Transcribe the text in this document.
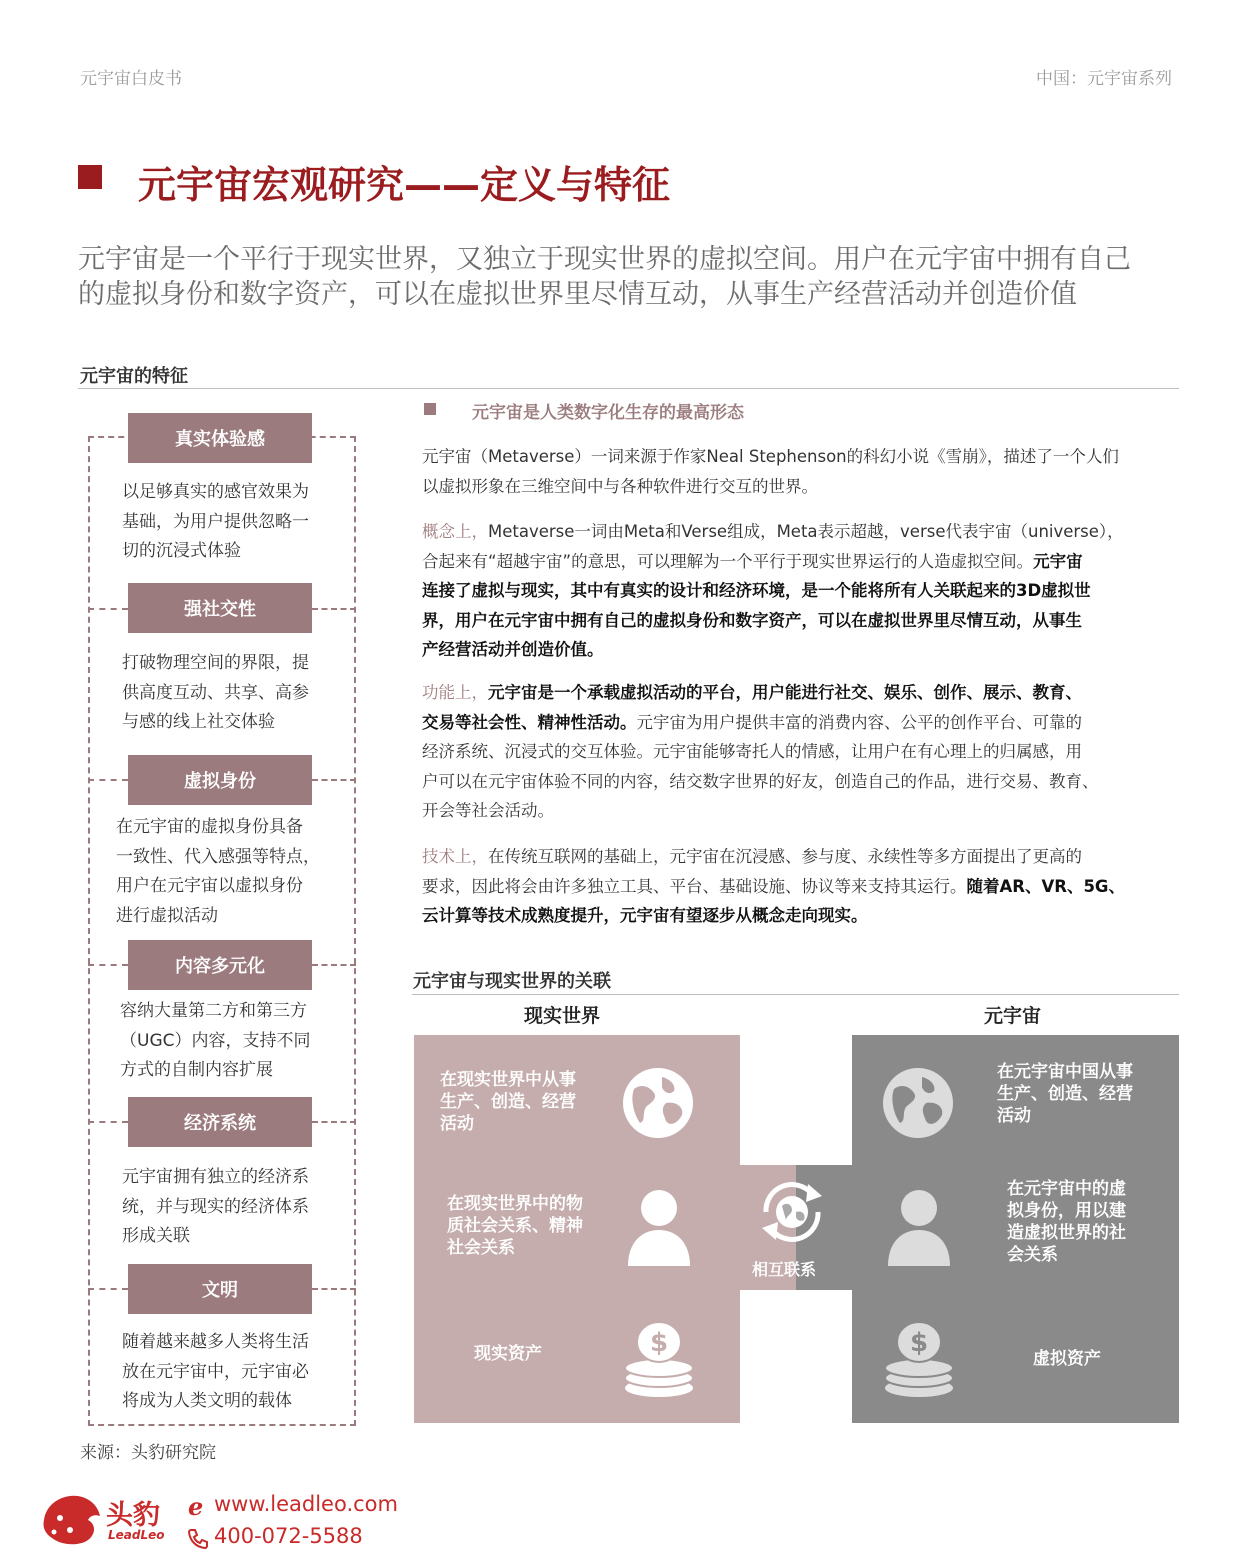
元宇宙白皮书	中国：元宇宙系列
元宇宙宏观研究——定义与特征
元宇宙是一个平行于现实世界，又独立于现实世界的虚拟空间。用户在元宇宙中拥有自己
的虚拟身份和数字资产，可以在虚拟世界里尽情互动，从事生产经营活动并创造价值
元宇宙的特征
真实体验感
以足够真实的感官效果为
基础，为用户提供忽略一
切的沉浸式体验
强社交性
打破物理空间的界限，提
供高度互动、共享、高参
与感的线上社交体验
虚拟身份
在元宇宙的虚拟身份具备
一致性、代入感强等特点，
用户在元宇宙以虚拟身份
进行虚拟活动
内容多元化
容纳大量第二方和第三方
（UGC）内容，支持不同
方式的自制内容扩展
经济系统
元宇宙拥有独立的经济系
统，并与现实的经济体系
形成关联
文明
随着越来越多人类将生活
放在元宇宙中，元宇宙必
将成为人类文明的载体
元宇宙是人类数字化生存的最高形态
元宇宙（Metaverse）一词来源于作家Neal Stephenson的科幻小说《雪崩》，描述了一个人们
以虚拟形象在三维空间中与各种软件进行交互的世界。
概念上，Metaverse一词由Meta和Verse组成，Meta表示超越，verse代表宇宙（universe），
合起来有“超越宇宙”的意思，可以理解为一个平行于现实世界运行的人造虚拟空间。元宇宙
连接了虚拟与现实，其中有真实的设计和经济环境，是一个能将所有人关联起来的3D虚拟世
界，用户在元宇宙中拥有自己的虚拟身份和数字资产，可以在虚拟世界里尽情互动，从事生
产经营活动并创造价值。
功能上，元宇宙是一个承载虚拟活动的平台，用户能进行社交、娱乐、创作、展示、教育、
交易等社会性、精神性活动。元宇宙为用户提供丰富的消费内容、公平的创作平台、可靠的
经济系统、沉浸式的交互体验。元宇宙能够寄托人的情感，让用户在有心理上的归属感，用
户可以在元宇宙体验不同的内容，结交数字世界的好友，创造自己的作品，进行交易、教育、
开会等社会活动。
技术上，在传统互联网的基础上，元宇宙在沉浸感、参与度、永续性等多方面提出了更高的
要求，因此将会由许多独立工具、平台、基础设施、协议等来支持其运行。随着AR、VR、5G、
云计算等技术成熟度提升，元宇宙有望逐步从概念走向现实。
元宇宙与现实世界的关联
现实世界	元宇宙
在现实世界中从事
生产、创造、经营
活动
在现实世界中的物
质社会关系、精神
社会关系
现实资产
在元宇宙中国从事
生产、创造、经营
活动
在元宇宙中的虚
拟身份，用以建
造虚拟世界的社
会关系
虚拟资产
$	$
相互联系
来源：头豹研究院
头豹
LeadLeo
e www.leadleo.com
400-072-5588
